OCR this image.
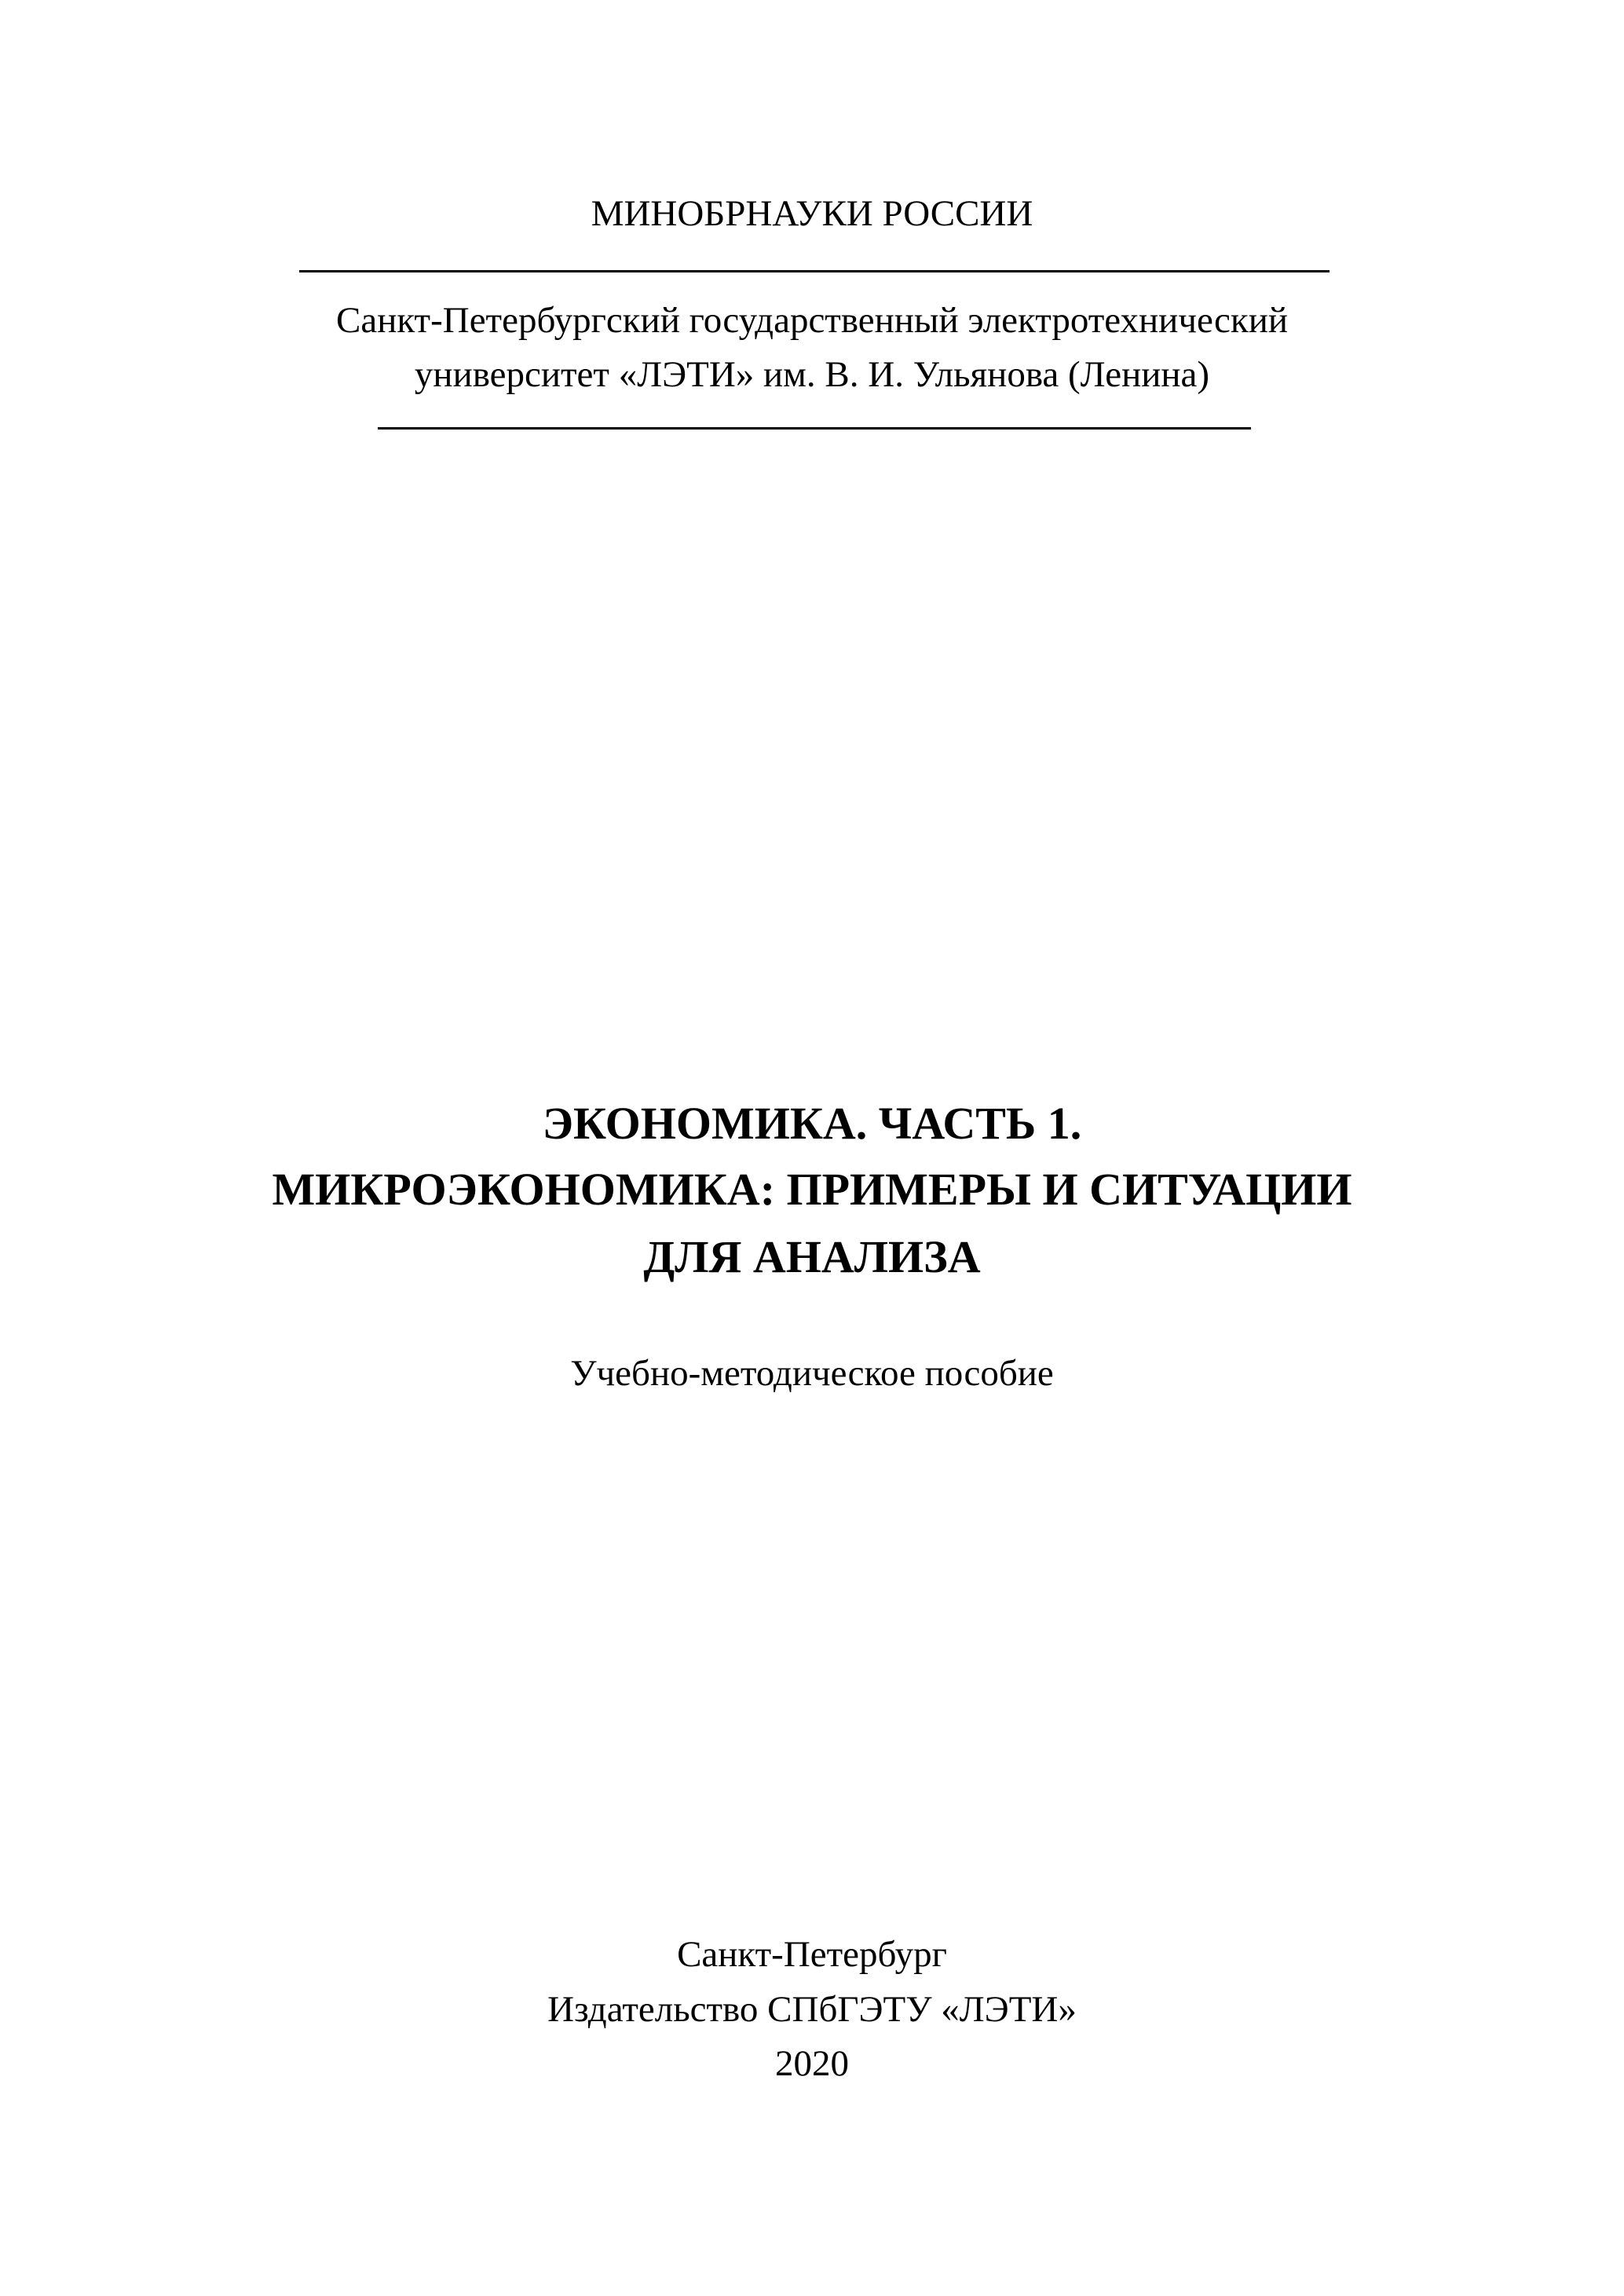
МИНОБРНАУКИ РОССИИ
Санкт-Петербургский государственный электротехнический
университет «ЛЭТИ» им. В. И. Ульянова (Ленина)
ЭКОНОМИКА. ЧАСТЬ 1.
МИКРОЭКОНОМИКА: ПРИМЕРЫ И СИТУАЦИИ
ДЛЯ АНАЛИЗА
Учебно-методическое пособие
Санкт-Петербург
Издательство СПбГЭТУ «ЛЭТИ»
2020
